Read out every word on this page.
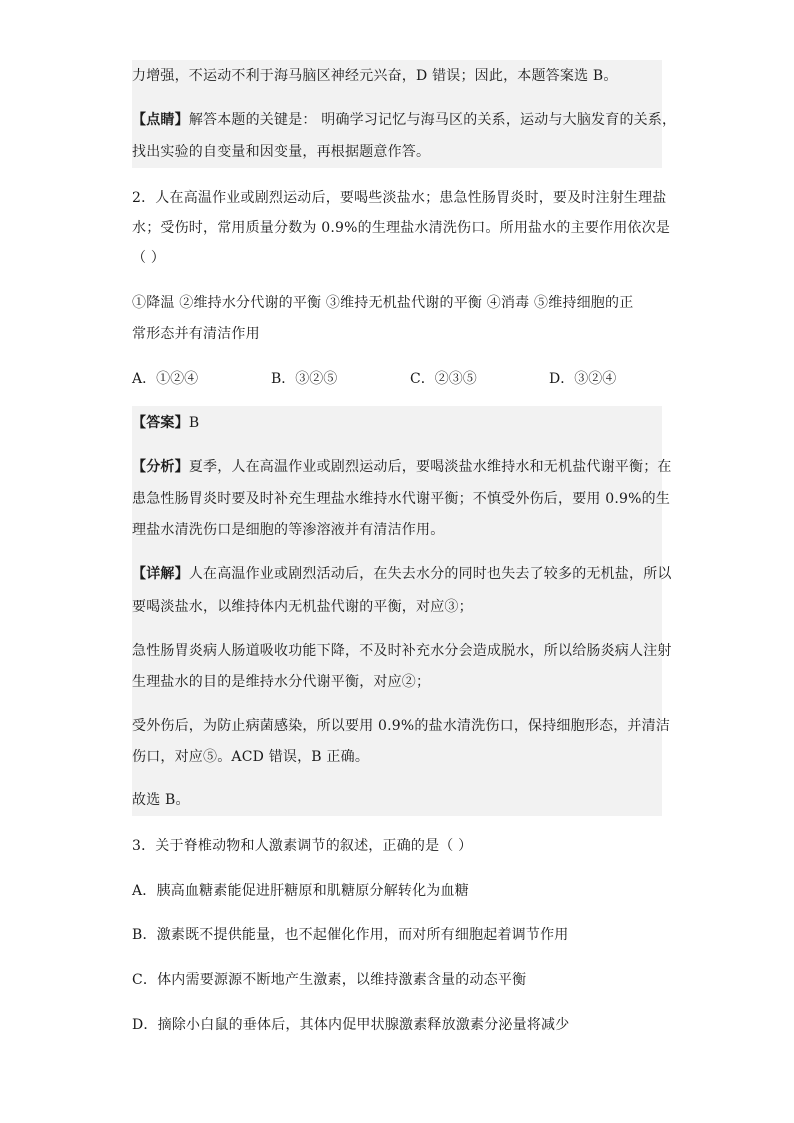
力增强，不运动不利于海马脑区神经元兴奋，D 错误；因此，本题答案选 B。
【点睛】解答本题的关键是： 明确学习记忆与海马区的关系，运动与大脑发育的关系，
找出实验的自变量和因变量，再根据题意作答。
2．人在高温作业或剧烈运动后，要喝些淡盐水；患急性肠胃炎时，要及时注射生理盐
水；受伤时，常用质量分数为 0.9%的生理盐水清洗伤口。所用盐水的主要作用依次是
（ ）
①降温 ②维持水分代谢的平衡 ③维持无机盐代谢的平衡 ④消毒 ⑤维持细胞的正
常形态并有清洁作用
A．①②④	B．③②⑤	C．②③⑤	D．③②④
【答案】B
【分析】夏季，人在高温作业或剧烈运动后，要喝淡盐水维持水和无机盐代谢平衡；在
患急性肠胃炎时要及时补充生理盐水维持水代谢平衡；不慎受外伤后，要用 0.9%的生
理盐水清洗伤口是细胞的等渗溶液并有清洁作用。
【详解】人在高温作业或剧烈活动后，在失去水分的同时也失去了较多的无机盐，所以
要喝淡盐水，以维持体内无机盐代谢的平衡，对应③；
急性肠胃炎病人肠道吸收功能下降，不及时补充水分会造成脱水，所以给肠炎病人注射
生理盐水的目的是维持水分代谢平衡，对应②；
受外伤后，为防止病菌感染，所以要用 0.9%的盐水清洗伤口，保持细胞形态，并清洁
伤口，对应⑤。ACD 错误，B 正确。
故选 B。
3．关于脊椎动物和人激素调节的叙述，正确的是（ ）
A．胰高血糖素能促进肝糖原和肌糖原分解转化为血糖
B．激素既不提供能量，也不起催化作用，而对所有细胞起着调节作用
C．体内需要源源不断地产生激素，以维持激素含量的动态平衡
D．摘除小白鼠的垂体后，其体内促甲状腺激素释放激素分泌量将减少
